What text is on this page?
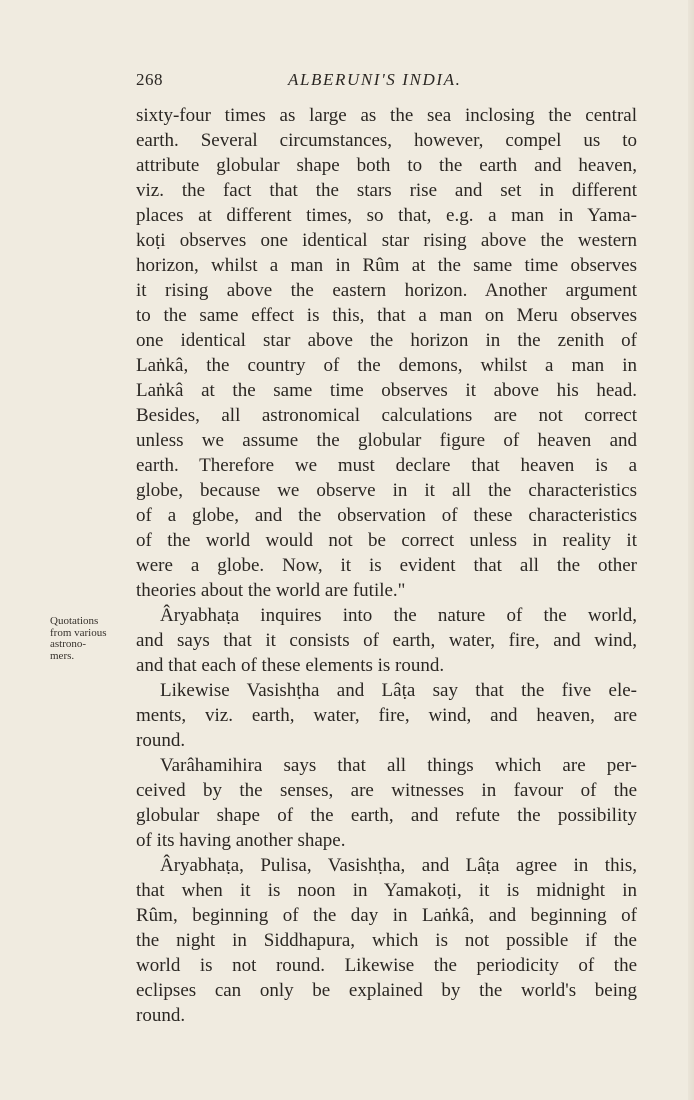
268	ALBERUNI'S INDIA.
Quotations
from various
astrono-
mers.
sixty-four times as large as the sea inclosing the central
earth. Several circumstances, however, compel us to
attribute globular shape both to the earth and heaven,
viz. the fact that the stars rise and set in different
places at different times, so that, e.g. a man in Yama-
koṭi observes one identical star rising above the western
horizon, whilst a man in Rûm at the same time observes
it rising above the eastern horizon. Another argument
to the same effect is this, that a man on Meru observes
one identical star above the horizon in the zenith of
Laṅkâ, the country of the demons, whilst a man in
Laṅkâ at the same time observes it above his head.
Besides, all astronomical calculations are not correct
unless we assume the globular figure of heaven and
earth. Therefore we must declare that heaven is a
globe, because we observe in it all the characteristics
of a globe, and the observation of these characteristics
of the world would not be correct unless in reality it
were a globe. Now, it is evident that all the other
theories about the world are futile."
Âryabhaṭa inquires into the nature of the world,
and says that it consists of earth, water, fire, and wind,
and that each of these elements is round.
Likewise Vasishṭha and Lâṭa say that the five ele-
ments, viz. earth, water, fire, wind, and heaven, are
round.
Varâhamihira says that all things which are per-
ceived by the senses, are witnesses in favour of the
globular shape of the earth, and refute the possibility
of its having another shape.
Âryabhaṭa, Pulisa, Vasishṭha, and Lâṭa agree in this,
that when it is noon in Yamakoṭi, it is midnight in
Rûm, beginning of the day in Laṅkâ, and beginning of
the night in Siddhapura, which is not possible if the
world is not round. Likewise the periodicity of the
eclipses can only be explained by the world's being
round.
